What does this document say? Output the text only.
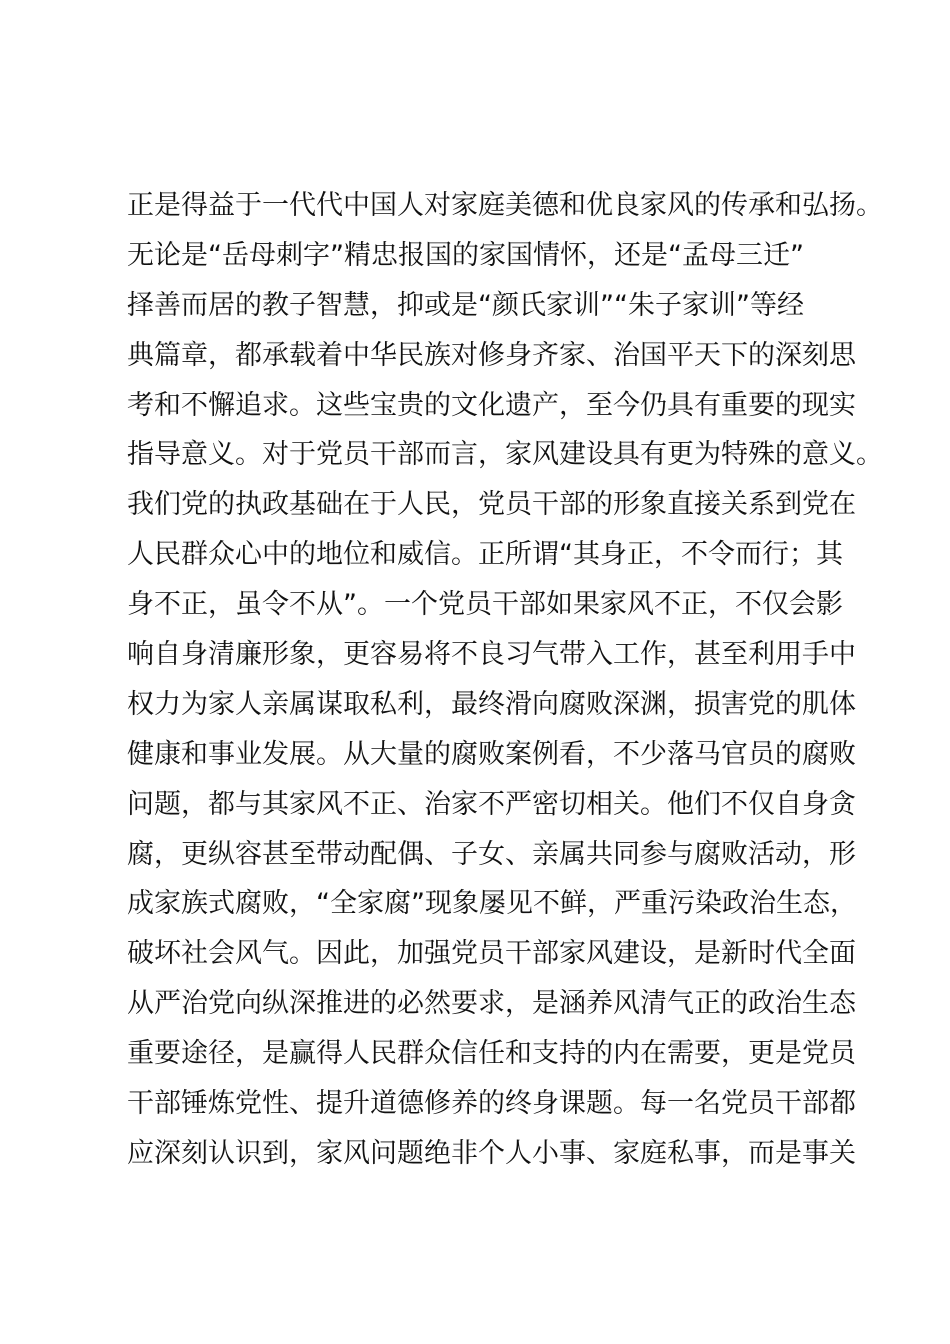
正是得益于一代代中国人对家庭美德和优良家风的传承和弘扬。
无论是“岳母刺字”精忠报国的家国情怀，还是“孟母三迁”
择善而居的教子智慧，抑或是“颜氏家训”“朱子家训”等经
典篇章，都承载着中华民族对修身齐家、治国平天下的深刻思
考和不懈追求。这些宝贵的文化遗产，至今仍具有重要的现实
指导意义。对于党员干部而言，家风建设具有更为特殊的意义。
我们党的执政基础在于人民，党员干部的形象直接关系到党在
人民群众心中的地位和威信。正所谓“其身正，不令而行；其
身不正，虽令不从”。一个党员干部如果家风不正，不仅会影
响自身清廉形象，更容易将不良习气带入工作，甚至利用手中
权力为家人亲属谋取私利，最终滑向腐败深渊，损害党的肌体
健康和事业发展。从大量的腐败案例看，不少落马官员的腐败
问题，都与其家风不正、治家不严密切相关。他们不仅自身贪
腐，更纵容甚至带动配偶、子女、亲属共同参与腐败活动，形
成家族式腐败，“全家腐”现象屡见不鲜，严重污染政治生态，
破坏社会风气。因此，加强党员干部家风建设，是新时代全面
从严治党向纵深推进的必然要求，是涵养风清气正的政治生态
重要途径，是赢得人民群众信任和支持的内在需要，更是党员
干部锤炼党性、提升道德修养的终身课题。每一名党员干部都
应深刻认识到，家风问题绝非个人小事、家庭私事，而是事关
